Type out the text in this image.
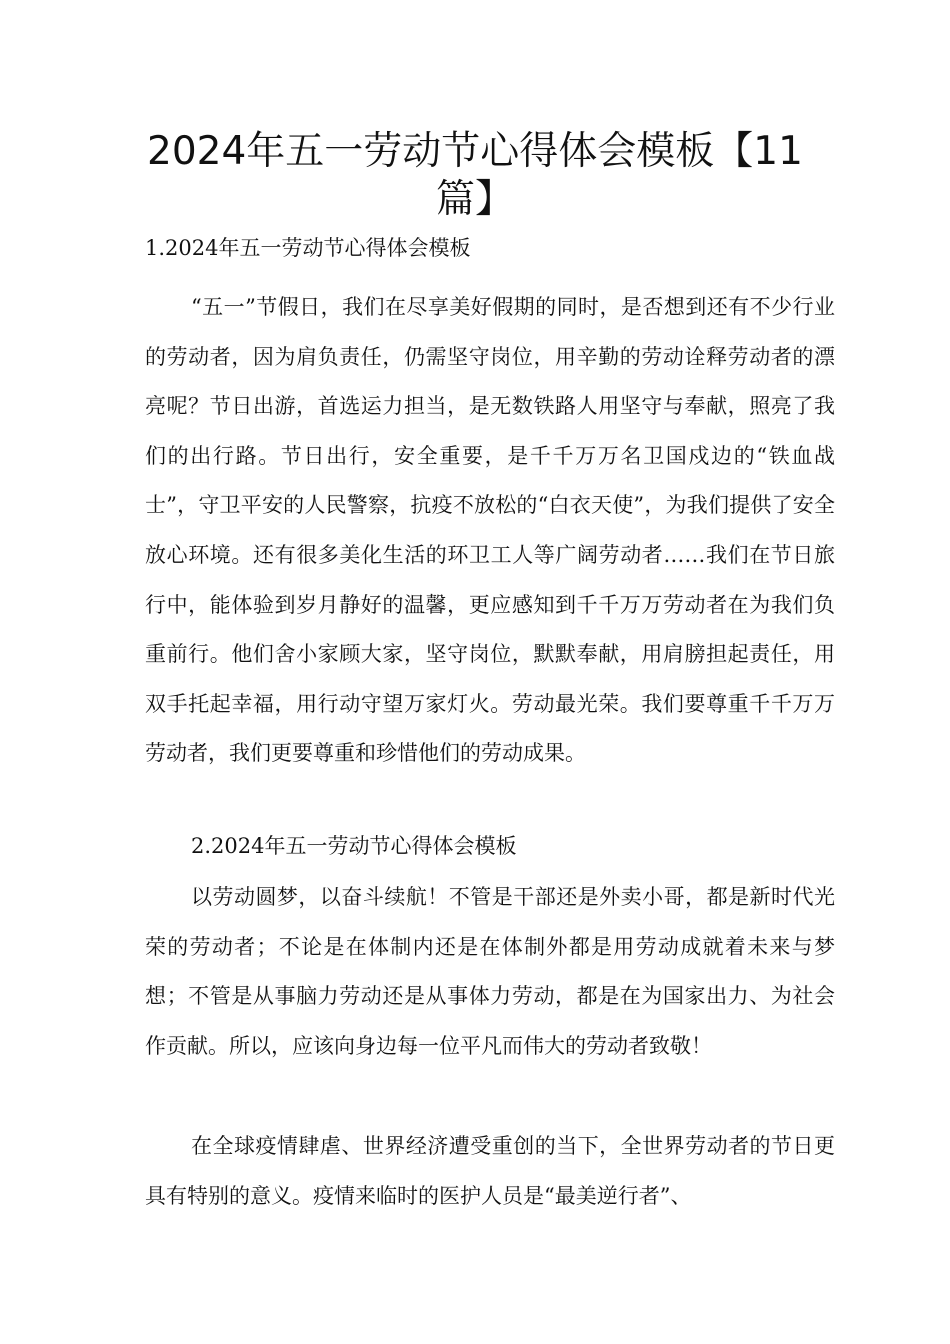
2024年五一劳动节心得体会模板【11篇】

1.2024年五一劳动节心得体会模板

“五一”节假日，我们在尽享美好假期的同时，是否想到还有不少行业的劳动者，因为肩负责任，仍需坚守岗位，用辛勤的劳动诠释劳动者的漂亮呢？节日出游，首选运力担当，是无数铁路人用坚守与奉献，照亮了我们的出行路。节日出行，安全重要，是千千万万名卫国戍边的“铁血战士”，守卫平安的人民警察，抗疫不放松的“白衣天使”，为我们提供了安全放心环境。还有很多美化生活的环卫工人等广阔劳动者……我们在节日旅行中，能体验到岁月静好的温馨，更应感知到千千万万劳动者在为我们负重前行。他们舍小家顾大家，坚守岗位，默默奉献，用肩膀担起责任，用双手托起幸福，用行动守望万家灯火。劳动最光荣。我们要尊重千千万万劳动者，我们更要尊重和珍惜他们的劳动成果。

2.2024年五一劳动节心得体会模板

以劳动圆梦，以奋斗续航！不管是干部还是外卖小哥，都是新时代光荣的劳动者；不论是在体制内还是在体制外都是用劳动成就着未来与梦想；不管是从事脑力劳动还是从事体力劳动，都是在为国家出力、为社会作贡献。所以，应该向身边每一位平凡而伟大的劳动者致敬！

在全球疫情肆虐、世界经济遭受重创的当下，全世界劳动者的节日更具有特别的意义。疫情来临时的医护人员是“最美逆行者”、
